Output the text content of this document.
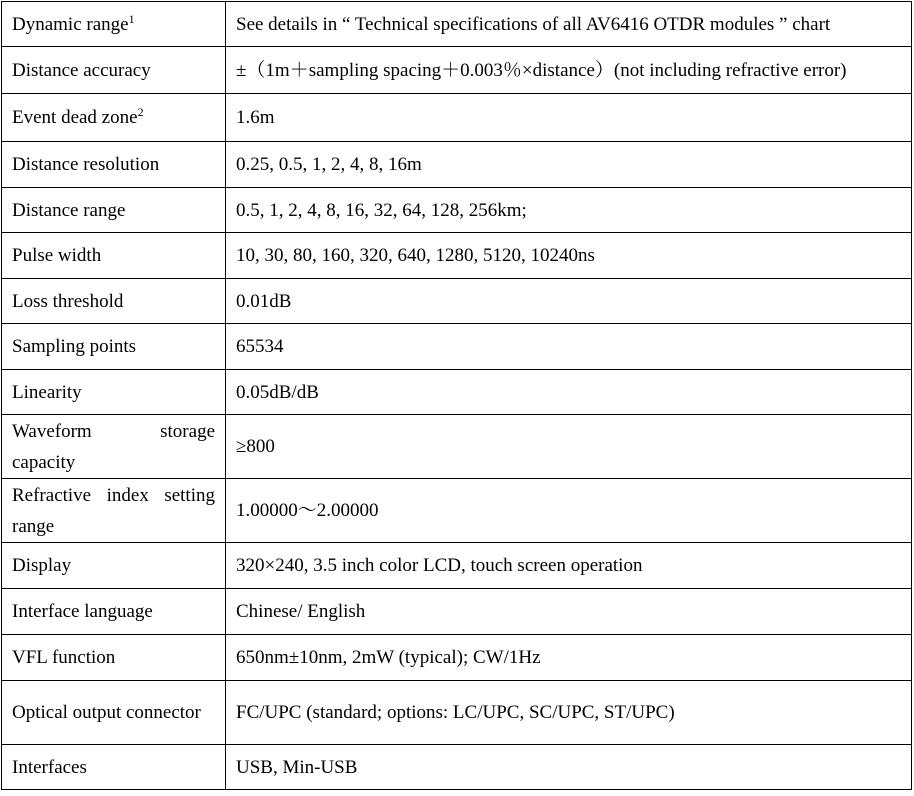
Dynamic range$^1$	See details in “ Technical specifications of all AV6416 OTDR modules ” chart
Distance accuracy	±（1m＋sampling spacing＋0.003％×distance）(not including refractive error)
Event dead zone$^2$	1.6m
Distance resolution	0.25, 0.5, 1, 2, 4, 8, 16m
Distance range	0.5, 1, 2, 4, 8, 16, 32, 64, 128, 256km;
Pulse width	10, 30, 80, 160, 320, 640, 1280, 5120, 10240ns
Loss threshold	0.01dB
Sampling points	65534
Linearity	0.05dB/dB

Waveform storage capacity	≥800

Refractive index setting range	1.00000～2.00000
Display	320×240, 3.5 inch color LCD, touch screen operation
Interface language	Chinese/ English
VFL function	650nm±10nm, 2mW (typical); CW/1Hz

Optical output connector	FC/UPC (standard; options: LC/UPC, SC/UPC, ST/UPC)
Interfaces	USB, Min-USB
